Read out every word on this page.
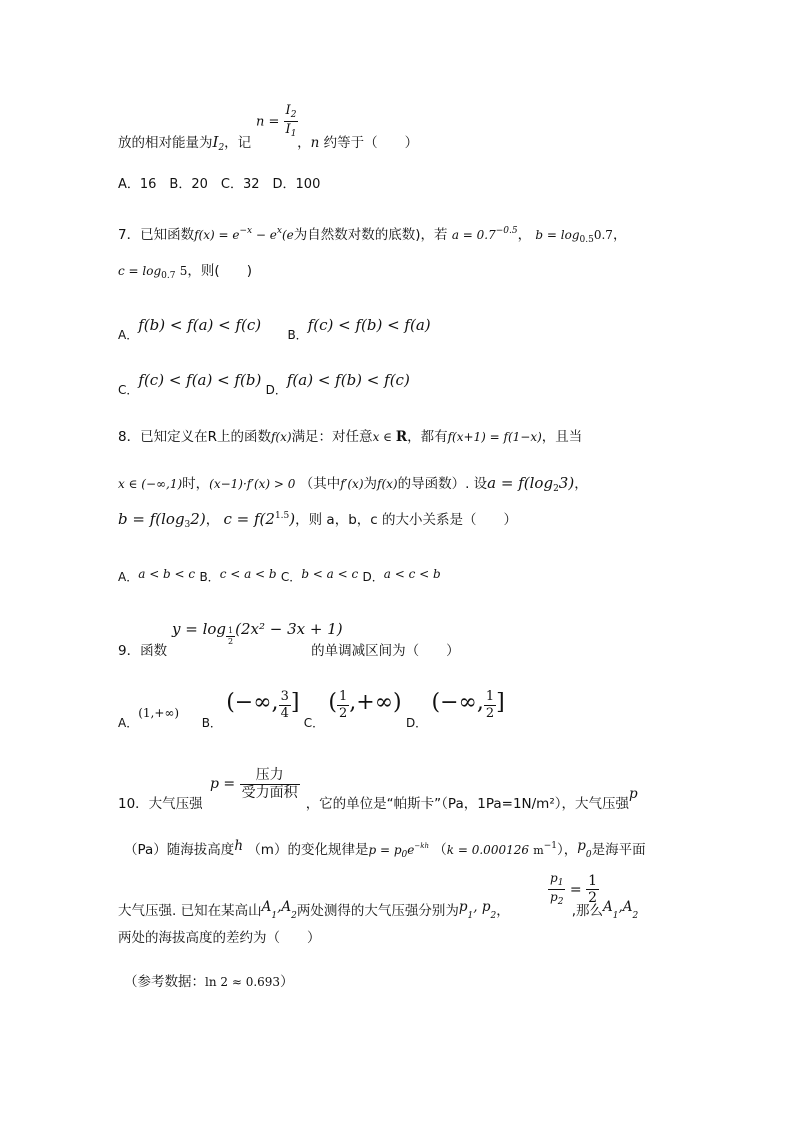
$n = \frac{I_2}{I_1}$
放的相对能量为$I_2$，记	，n 约等于（　　）
A．16　B．20　C．32　D．100
7．已知函数$f(x) = e^{-x} - e^x(e$为自然数对数的底数)，若 $a = 0.7^{-0.5}$， $b = \log_{0.5}0.7$，
$c = \log_{0.7} 5$，则(　　)
A．f(b) < f(a) < f(c) B．f(c) < f(b) < f(a)
C．f(c) < f(a) < f(b) D．f(a) < f(b) < f(c)
8．已知定义在R上的函数f(x)满足：对任意x ∈ R，都有f(x+1) = f(1−x)，且当
x ∈ (−∞,1)时，(x−1)·f′(x) > 0 （其中f′(x)为f(x)的导函数）. 设$a = f(\log_23)$，
$b = f(\log_32)$， $c = f(2^{1.5})$，则 a，b，c 的大小关系是（　　）
A．a < b < c B．c < a < b C．b < a < c D．a < c < b
$y = \log \frac{1}{2} (2x^2 - 3x + 1)$
9．函数	的单调减区间为（　　）
A．(1,+∞)  B． (−∞, $\frac{3}{4}$ ] C． ( $\frac{1}{2}$ ,+∞) D． (−∞, $\frac{1}{2}$ ]
$p = \frac{\text{压力}}{\text{受力面积}}$
10．大气压强	，它的单位是“帕斯卡”（Pa，1Pa=1N/m²），大气压强p
（Pa）随海拔高度h （m）的变化规律是$p = p_0e^{-kh}$ （k = 0.000126 $m^{-1}$），$p_0$是海平面
$\frac{p_1}{p_2} = \frac{1}{2}$
大气压强. 已知在某高山$A_1,A_2$两处测得的大气压强分别为$p_1$, $p_2$，	,那么$A_1,A_2$
两处的海拔高度的差约为（　　）
（参考数据：ln 2 ≈ 0.693）
